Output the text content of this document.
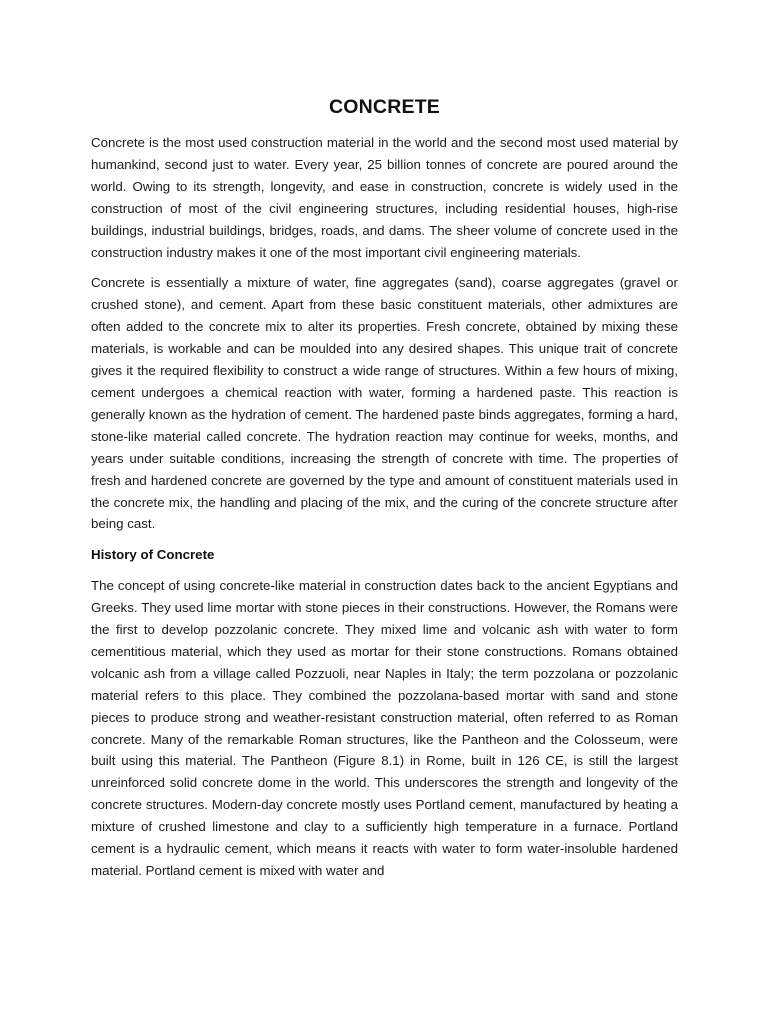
CONCRETE

Concrete is the most used construction material in the world and the second most used material by humankind, second just to water. Every year, 25 billion tonnes of concrete are poured around the world. Owing to its strength, longevity, and ease in construction, concrete is widely used in the construction of most of the civil engineering structures, including residential houses, high-rise buildings, industrial buildings, bridges, roads, and dams. The sheer volume of concrete used in the construction industry makes it one of the most important civil engineering materials.

Concrete is essentially a mixture of water, fine aggregates (sand), coarse aggregates (gravel or crushed stone), and cement. Apart from these basic constituent materials, other admixtures are often added to the concrete mix to alter its properties. Fresh concrete, obtained by mixing these materials, is workable and can be moulded into any desired shapes. This unique trait of concrete gives it the required flexibility to construct a wide range of structures. Within a few hours of mixing, cement undergoes a chemical reaction with water, forming a hardened paste. This reaction is generally known as the hydration of cement. The hardened paste binds aggregates, forming a hard, stone-like material called concrete. The hydration reaction may continue for weeks, months, and years under suitable conditions, increasing the strength of concrete with time. The properties of fresh and hardened concrete are governed by the type and amount of constituent materials used in the concrete mix, the handling and placing of the mix, and the curing of the concrete structure after being cast.

History of Concrete

The concept of using concrete-like material in construction dates back to the ancient Egyptians and Greeks. They used lime mortar with stone pieces in their constructions. However, the Romans were the first to develop pozzolanic concrete. They mixed lime and volcanic ash with water to form cementitious material, which they used as mortar for their stone constructions. Romans obtained volcanic ash from a village called Pozzuoli, near Naples in Italy; the term pozzolana or pozzolanic material refers to this place. They combined the pozzolana-based mortar with sand and stone pieces to produce strong and weather-resistant construction material, often referred to as Roman concrete. Many of the remarkable Roman structures, like the Pantheon and the Colosseum, were built using this material. The Pantheon (Figure 8.1) in Rome, built in 126 CE, is still the largest unreinforced solid concrete dome in the world. This underscores the strength and longevity of the concrete structures. Modern-day concrete mostly uses Portland cement, manufactured by heating a mixture of crushed limestone and clay to a sufficiently high temperature in a furnace. Portland cement is a hydraulic cement, which means it reacts with water to form water-insoluble hardened material. Portland cement is mixed with water and
